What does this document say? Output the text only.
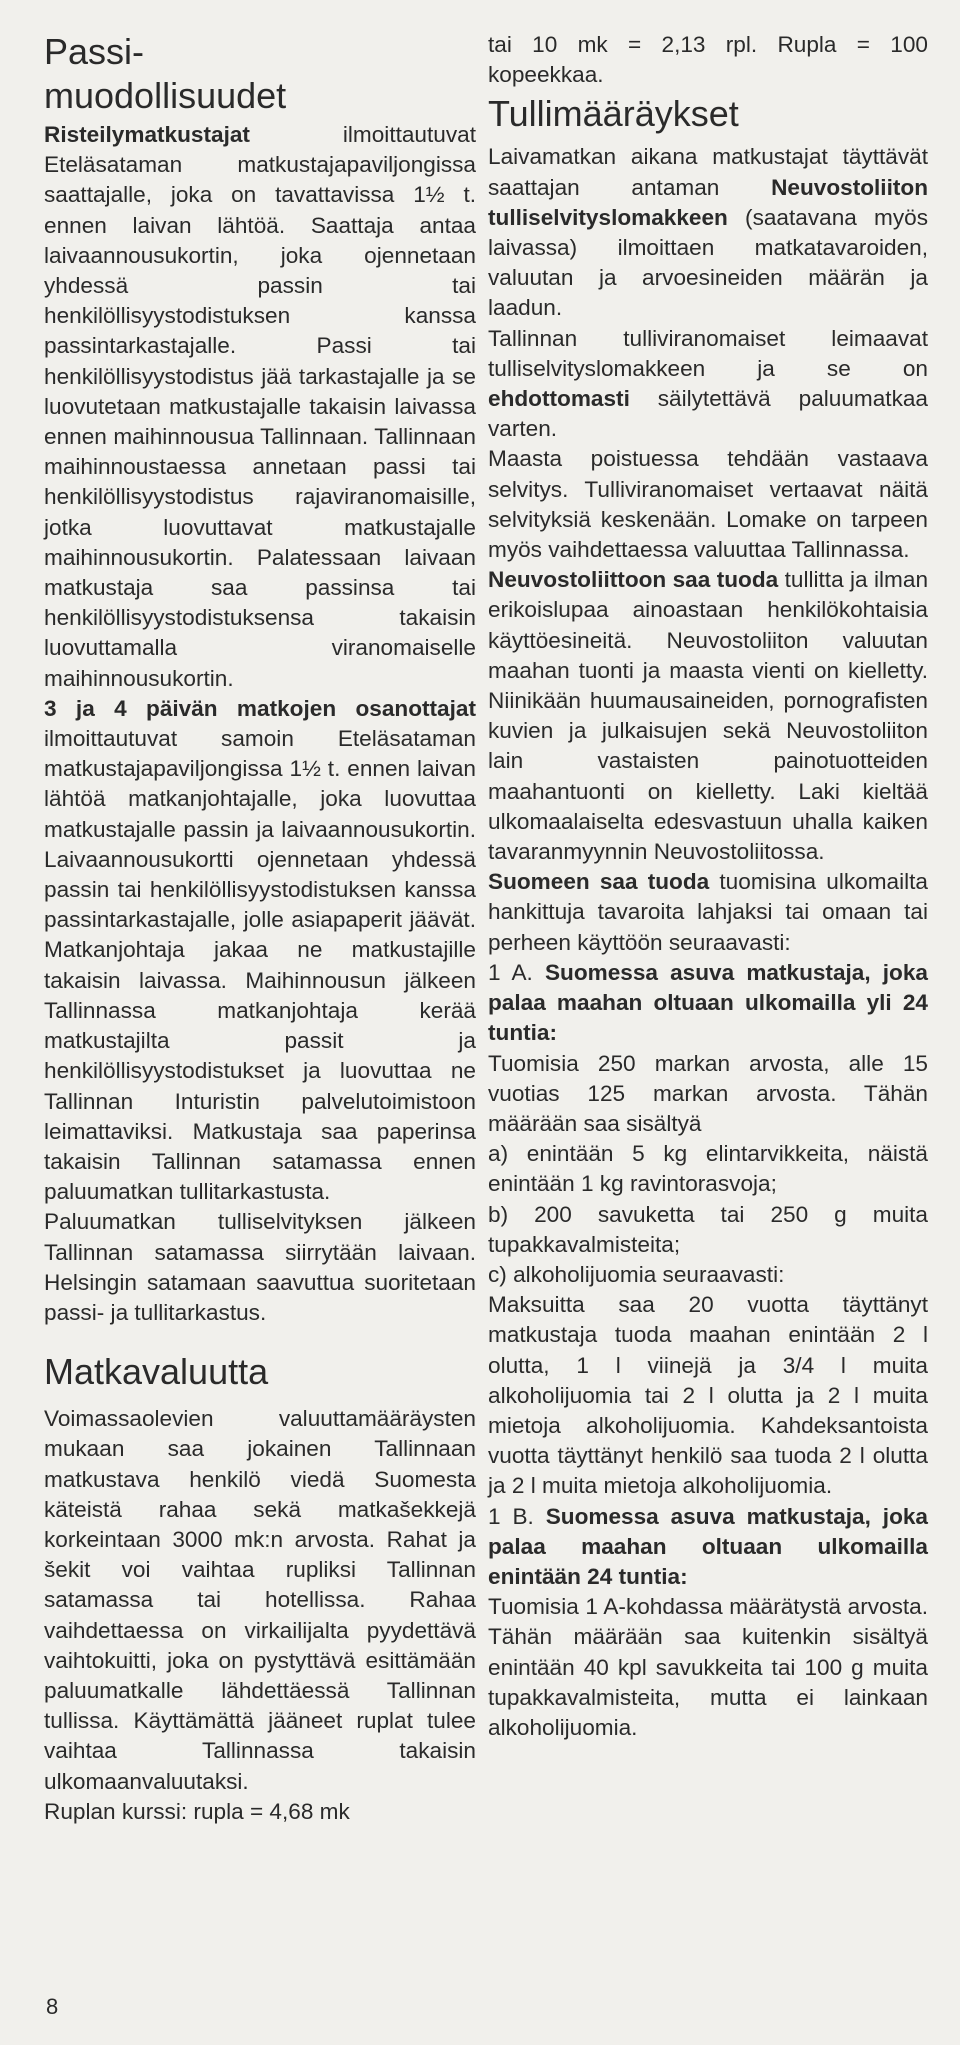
Passi-
muodollisuudet

Risteilymatkustajat ilmoittautuvat Eteläsataman matkustajapaviljongissa saattajalle, joka on tavattavissa 1½ t. ennen laivan lähtöä. Saattaja antaa laivaannousukortin, joka ojennetaan yhdessä passin tai henkilöllisyystodistuksen kanssa passintarkastajalle. Passi tai henkilöllisyystodistus jää tarkastajalle ja se luovutetaan matkustajalle takaisin laivassa ennen maihinnousua Tallinnaan. Tallinnaan maihinnoustaessa annetaan passi tai henkilöllisyystodistus rajaviranomaisille, jotka luovuttavat matkustajalle maihinnousukortin. Palatessaan laivaan matkustaja saa passinsa tai henkilöllisyystodistuksensa takaisin luovuttamalla viranomaiselle maihinnousukortin.

3 ja 4 päivän matkojen osanottajat ilmoittautuvat samoin Eteläsataman matkustajapaviljongissa 1½ t. ennen laivan lähtöä matkanjohtajalle, joka luovuttaa matkustajalle passin ja laivaannousukortin. Laivaannousukortti ojennetaan yhdessä passin tai henkilöllisyystodistuksen kanssa passintarkastajalle, jolle asiapaperit jäävät. Matkanjohtaja jakaa ne matkustajille takaisin laivassa. Maihinnousun jälkeen Tallinnassa matkanjohtaja kerää matkustajilta passit ja henkilöllisyystodistukset ja luovuttaa ne Tallinnan Inturistin palvelutoimistoon leimattaviksi. Matkustaja saa paperinsa takaisin Tallinnan satamassa ennen paluumatkan tullitarkastusta.

Paluumatkan tulliselvityksen jälkeen Tallinnan satamassa siirrytään laivaan. Helsingin satamaan saavuttua suoritetaan passi- ja tullitarkastus.

Matkavaluutta

Voimassaolevien valuuttamääräysten mukaan saa jokainen Tallinnaan matkustava henkilö viedä Suomesta käteistä rahaa sekä matkašekkejä korkeintaan 3000 mk:n arvosta. Rahat ja šekit voi vaihtaa rupliksi Tallinnan satamassa tai hotellissa. Rahaa vaihdettaessa on virkailijalta pyydettävä vaihtokuitti, joka on pystyttävä esittämään paluumatkalle lähdettäessä Tallinnan tullissa. Käyttämättä jääneet ruplat tulee vaihtaa Tallinnassa takaisin ulkomaanvaluutaksi.

Ruplan kurssi: rupla = 4,68 mk

tai 10 mk = 2,13 rpl. Rupla = 100 kopeekkaa.

Tullimääräykset

Laivamatkan aikana matkustajat täyttävät saattajan antaman Neuvostoliiton tulliselvityslomakkeen (saatavana myös laivassa) ilmoittaen matkatavaroiden, valuutan ja arvoesineiden määrän ja laadun.

Tallinnan tulliviranomaiset leimaavat tulliselvityslomakkeen ja se on ehdottomasti säilytettävä paluumatkaa varten.

Maasta poistuessa tehdään vastaava selvitys. Tulliviranomaiset vertaavat näitä selvityksiä keskenään. Lomake on tarpeen myös vaihdettaessa valuuttaa Tallinnassa.

Neuvostoliittoon saa tuoda tullitta ja ilman erikoislupaa ainoastaan henkilökohtaisia käyttöesineitä. Neuvostoliiton valuutan maahan tuonti ja maasta vienti on kielletty. Niinikään huumausaineiden, pornografisten kuvien ja julkaisujen sekä Neuvostoliiton lain vastaisten painotuotteiden maahantuonti on kielletty. Laki kieltää ulkomaalaiselta edesvastuun uhalla kaiken tavaranmyynnin Neuvostoliitossa.

Suomeen saa tuoda tuomisina ulkomailta hankittuja tavaroita lahjaksi tai omaan tai perheen käyttöön seuraavasti:

1 A. Suomessa asuva matkustaja, joka palaa maahan oltuaan ulkomailla yli 24 tuntia:

Tuomisia 250 markan arvosta, alle 15 vuotias 125 markan arvosta. Tähän määrään saa sisältyä

a) enintään 5 kg elintarvikkeita, näistä enintään 1 kg ravintorasvoja;

b) 200 savuketta tai 250 g muita tupakkavalmisteita;

c) alkoholijuomia seuraavasti:

Maksuitta saa 20 vuotta täyttänyt matkustaja tuoda maahan enintään 2 l olutta, 1 l viinejä ja 3/4 l muita alkoholijuomia tai 2 l olutta ja 2 l muita mietoja alkoholijuomia. Kahdeksantoista vuotta täyttänyt henkilö saa tuoda 2 l olutta ja 2 l muita mietoja alkoholijuomia.

1 B. Suomessa asuva matkustaja, joka palaa maahan oltuaan ulkomailla enintään 24 tuntia:

Tuomisia 1 A-kohdassa määrätystä arvosta. Tähän määrään saa kuitenkin sisältyä enintään 40 kpl savukkeita tai 100 g muita tupakkavalmisteita, mutta ei lainkaan alkoholijuomia.

8
